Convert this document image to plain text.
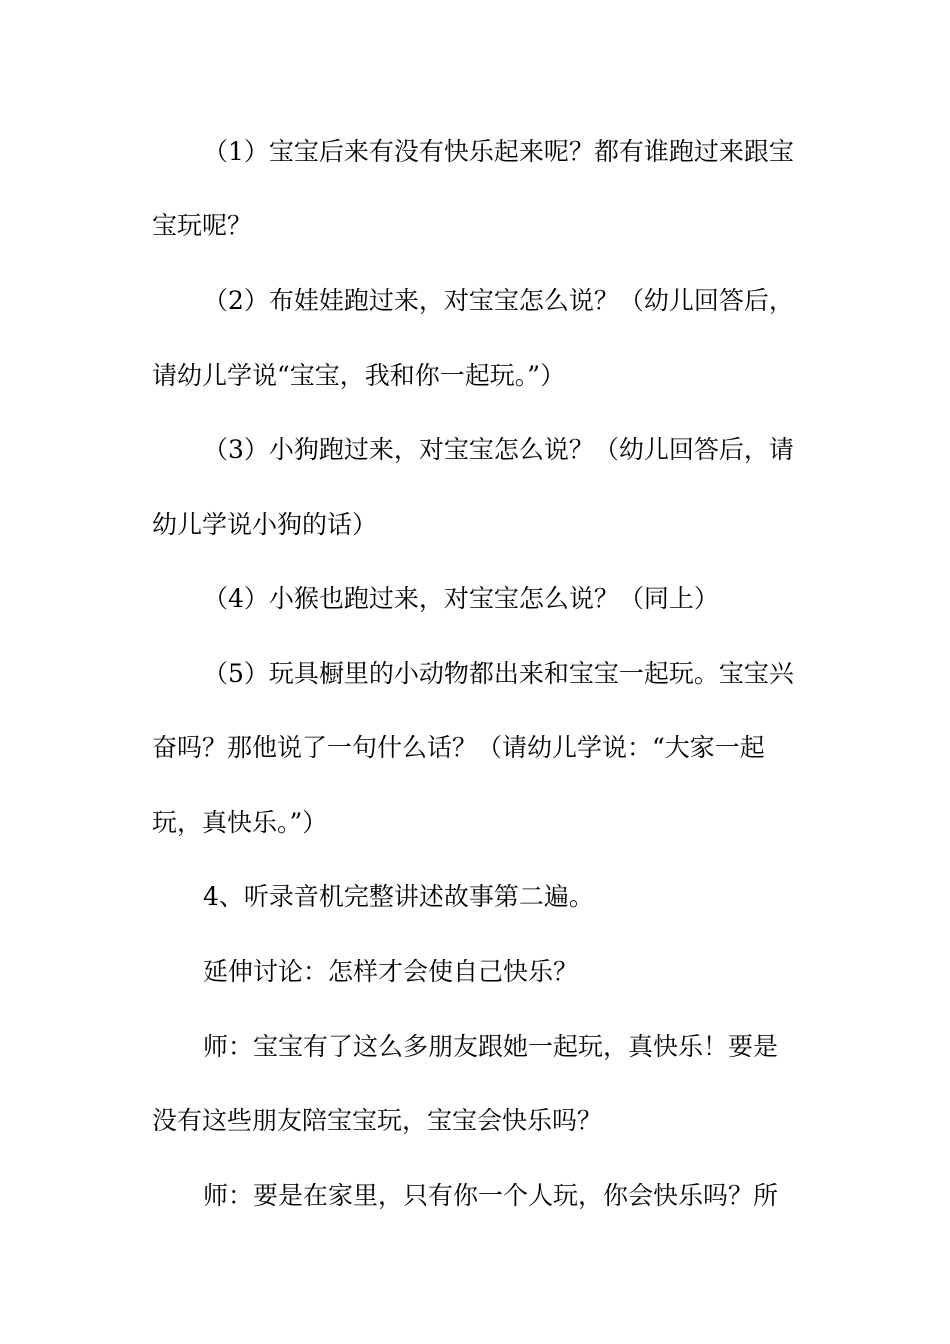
（1）宝宝后来有没有快乐起来呢？都有谁跑过来跟宝
宝玩呢？
（2）布娃娃跑过来，对宝宝怎么说？（幼儿回答后，
请幼儿学说“宝宝，我和你一起玩。”）
（3）小狗跑过来，对宝宝怎么说？（幼儿回答后，请
幼儿学说小狗的话）
（4）小猴也跑过来，对宝宝怎么说？（同上）
（5）玩具橱里的小动物都出来和宝宝一起玩。宝宝兴
奋吗？那他说了一句什么话？（请幼儿学说：“大家一起
玩，真快乐。”）
4、听录音机完整讲述故事第二遍。
延伸讨论：怎样才会使自己快乐？
师：宝宝有了这么多朋友跟她一起玩，真快乐！要是
没有这些朋友陪宝宝玩，宝宝会快乐吗？
师：要是在家里，只有你一个人玩，你会快乐吗？所
